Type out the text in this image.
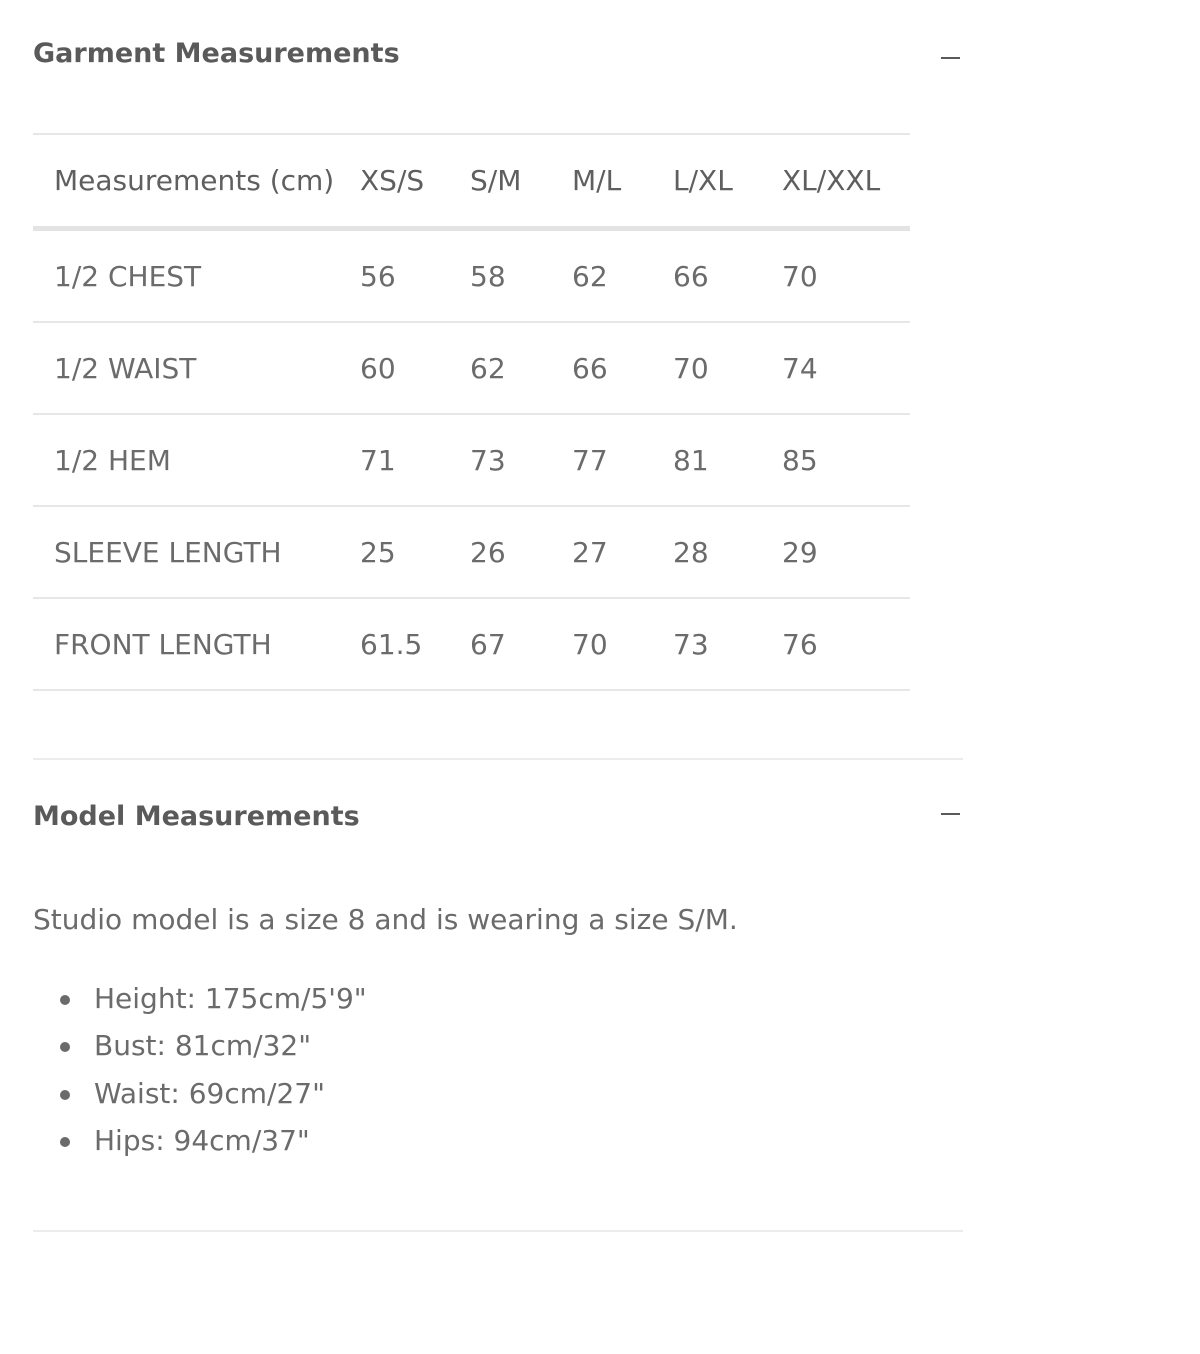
Garment Measurements
Measurements (cm)	XS/S	S/M	M/L	L/XL	XL/XXL
1/2 CHEST	56	58	62	66	70
1/2 WAIST	60	62	66	70	74
1/2 HEM	71	73	77	81	85
SLEEVE LENGTH	25	26	27	28	29
FRONT LENGTH	61.5	67	70	73	76
Model Measurements
Studio model is a size 8 and is wearing a size S/M.
Height: 175cm/5'9"
Bust: 81cm/32"
Waist: 69cm/27"
Hips: 94cm/37"
